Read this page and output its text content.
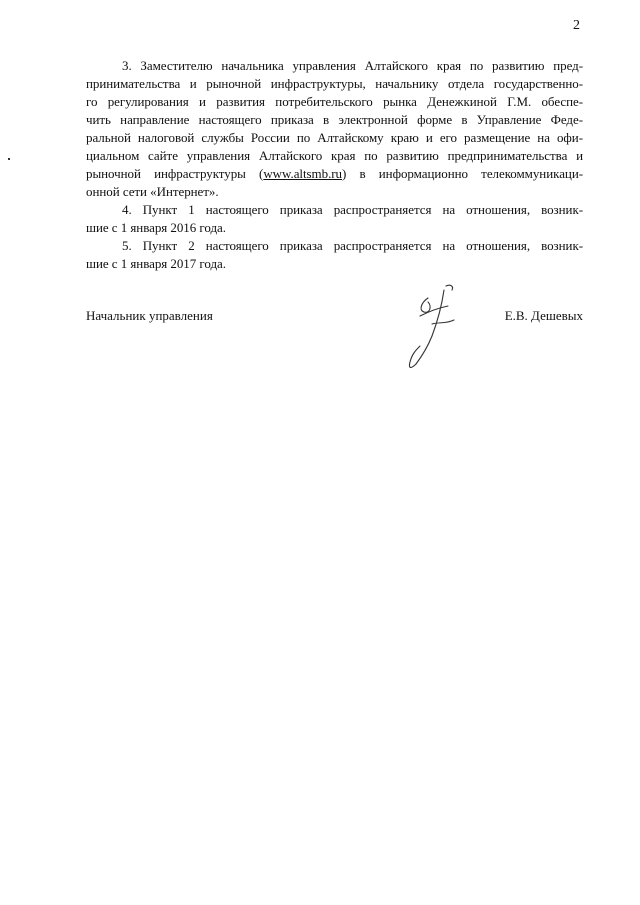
2

3. Заместителю начальника управления Алтайского края по развитию пред-
принимательства и рыночной инфраструктуры, начальнику отдела государственно-
го регулирования и развития потребительского рынка Денежкиной Г.М. обеспе-
чить направление настоящего приказа в электронной форме в Управление Феде-
ральной налоговой службы России по Алтайскому краю и его размещение на офи-
циальном сайте управления Алтайского края по развитию предпринимательства и
рыночной инфраструктуры (www.altsmb.ru) в информационно телекоммуникаци-
онной сети «Интернет».

4. Пункт 1 настоящего приказа распространяется на отношения, возник-
шие с 1 января 2016 года.

5. Пункт 2 настоящего приказа распространяется на отношения, возник-
шие с 1 января 2017 года.

Начальник управления	Е.В. Дешевых
